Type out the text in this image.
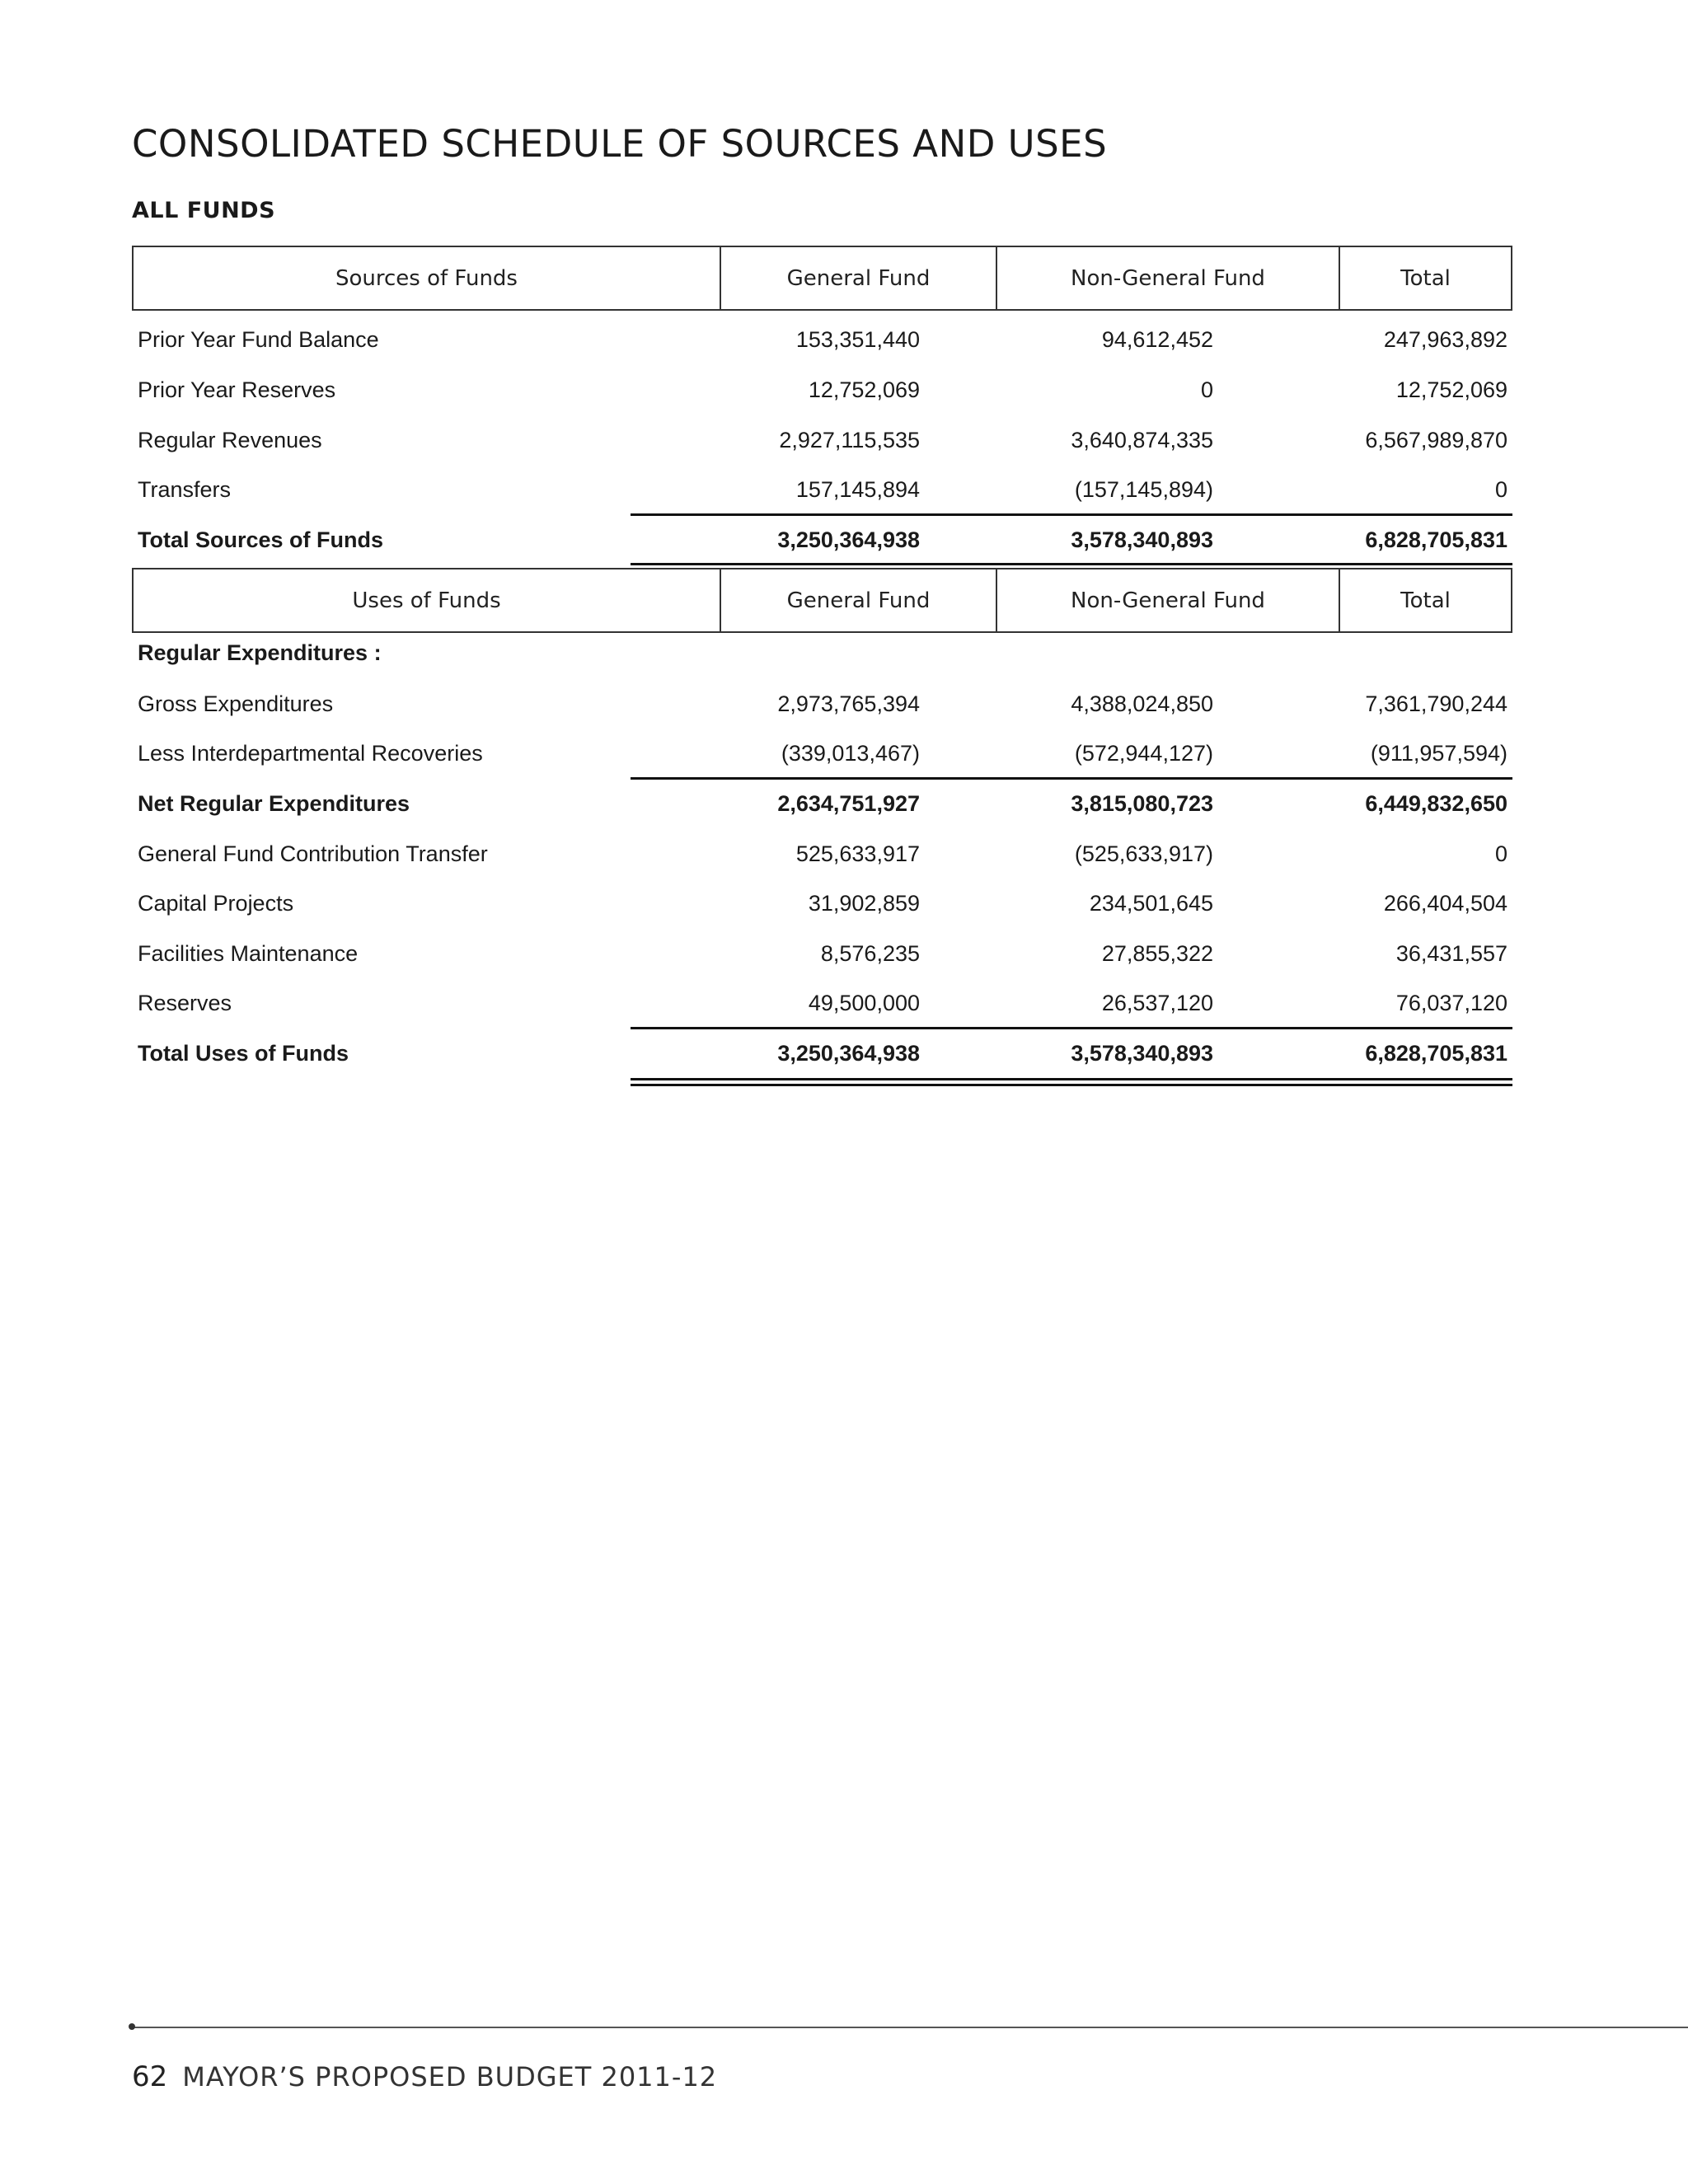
CONSOLIDATED SCHEDULE OF SOURCES AND USES
ALL FUNDS
Sources of Funds	General Fund	Non-General Fund	Total
Prior Year Fund Balance	153,351,440	94,612,452	247,963,892
Prior Year Reserves	12,752,069	0	12,752,069
Regular Revenues	2,927,115,535	3,640,874,335	6,567,989,870
Transfers	157,145,894	(157,145,894)	0
Total Sources of Funds	3,250,364,938	3,578,340,893	6,828,705,831
Uses of Funds	General Fund	Non-General Fund	Total
Regular Expenditures :
Gross Expenditures	2,973,765,394	4,388,024,850	7,361,790,244
Less Interdepartmental Recoveries	(339,013,467)	(572,944,127)	(911,957,594)
Net Regular Expenditures	2,634,751,927	3,815,080,723	6,449,832,650
General Fund Contribution Transfer	525,633,917	(525,633,917)	0
Capital Projects	31,902,859	234,501,645	266,404,504
Facilities Maintenance	8,576,235	27,855,322	36,431,557
Reserves	49,500,000	26,537,120	76,037,120
Total Uses of Funds	3,250,364,938	3,578,340,893	6,828,705,831
62 MAYOR’S PROPOSED BUDGET 2011-12
